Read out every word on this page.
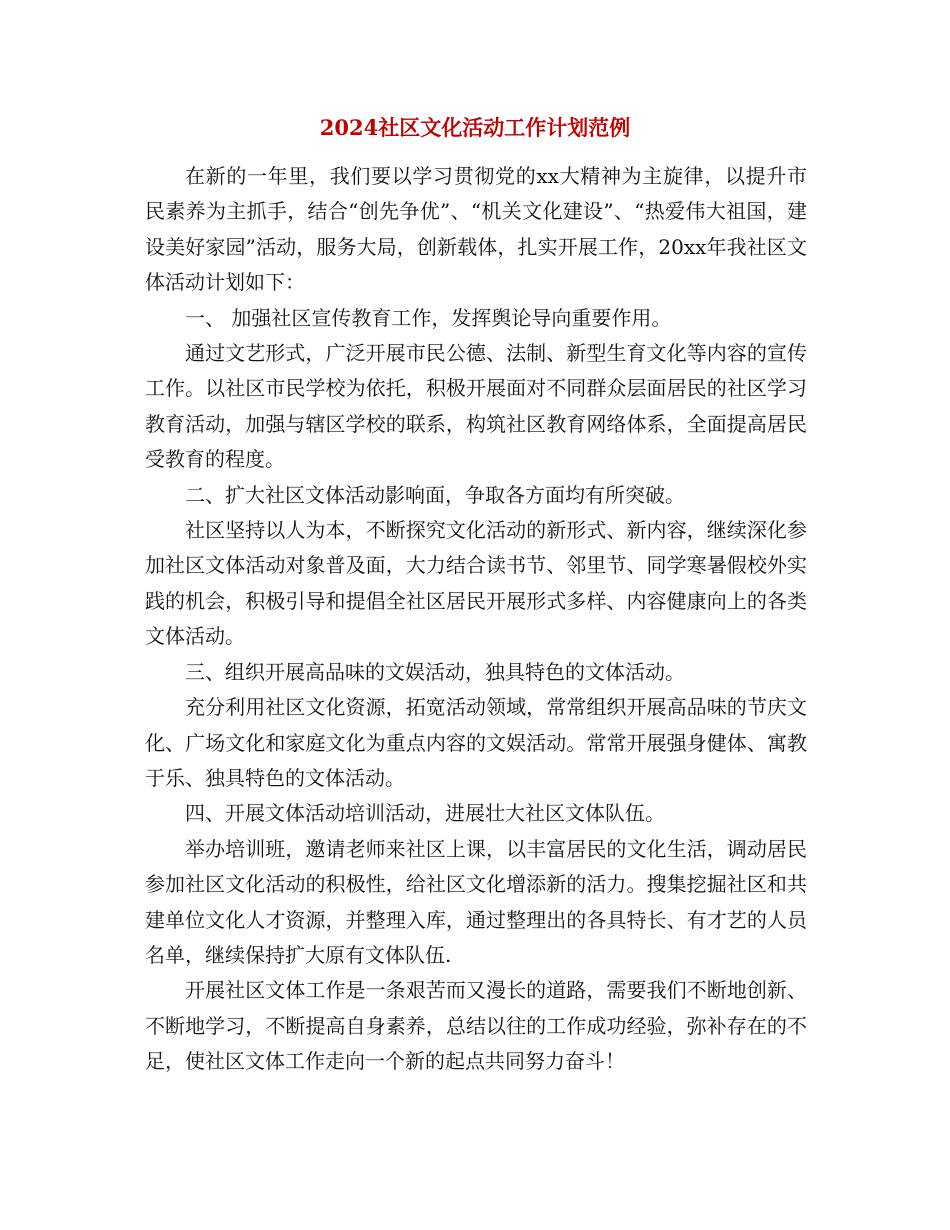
2024社区文化活动工作计划范例

在新的一年里，我们要以学习贯彻党的xx大精神为主旋律，以提升市民素养为主抓手，结合“创先争优”、“机关文化建设”、“热爱伟大祖国，建设美好家园”活动，服务大局，创新载体，扎实开展工作，20xx年我社区文体活动计划如下：

一、 加强社区宣传教育工作，发挥舆论导向重要作用。

通过文艺形式，广泛开展市民公德、法制、新型生育文化等内容的宣传工作。以社区市民学校为依托，积极开展面对不同群众层面居民的社区学习教育活动，加强与辖区学校的联系，构筑社区教育网络体系，全面提高居民受教育的程度。

二、扩大社区文体活动影响面，争取各方面均有所突破。

社区坚持以人为本，不断探究文化活动的新形式、新内容，继续深化参加社区文体活动对象普及面，大力结合读书节、邻里节、同学寒暑假校外实践的机会，积极引导和提倡全社区居民开展形式多样、内容健康向上的各类文体活动。

三、组织开展高品味的文娱活动，独具特色的文体活动。

充分利用社区文化资源，拓宽活动领域，常常组织开展高品味的节庆文化、广场文化和家庭文化为重点内容的文娱活动。常常开展强身健体、寓教于乐、独具特色的文体活动。

四、开展文体活动培训活动，进展壮大社区文体队伍。

举办培训班，邀请老师来社区上课，以丰富居民的文化生活，调动居民参加社区文化活动的积极性，给社区文化增添新的活力。搜集挖掘社区和共建单位文化人才资源，并整理入库，通过整理出的各具特长、有才艺的人员名单，继续保持扩大原有文体队伍.

开展社区文体工作是一条艰苦而又漫长的道路，需要我们不断地创新、不断地学习，不断提高自身素养，总结以往的工作成功经验，弥补存在的不足，使社区文体工作走向一个新的起点共同努力奋斗！
